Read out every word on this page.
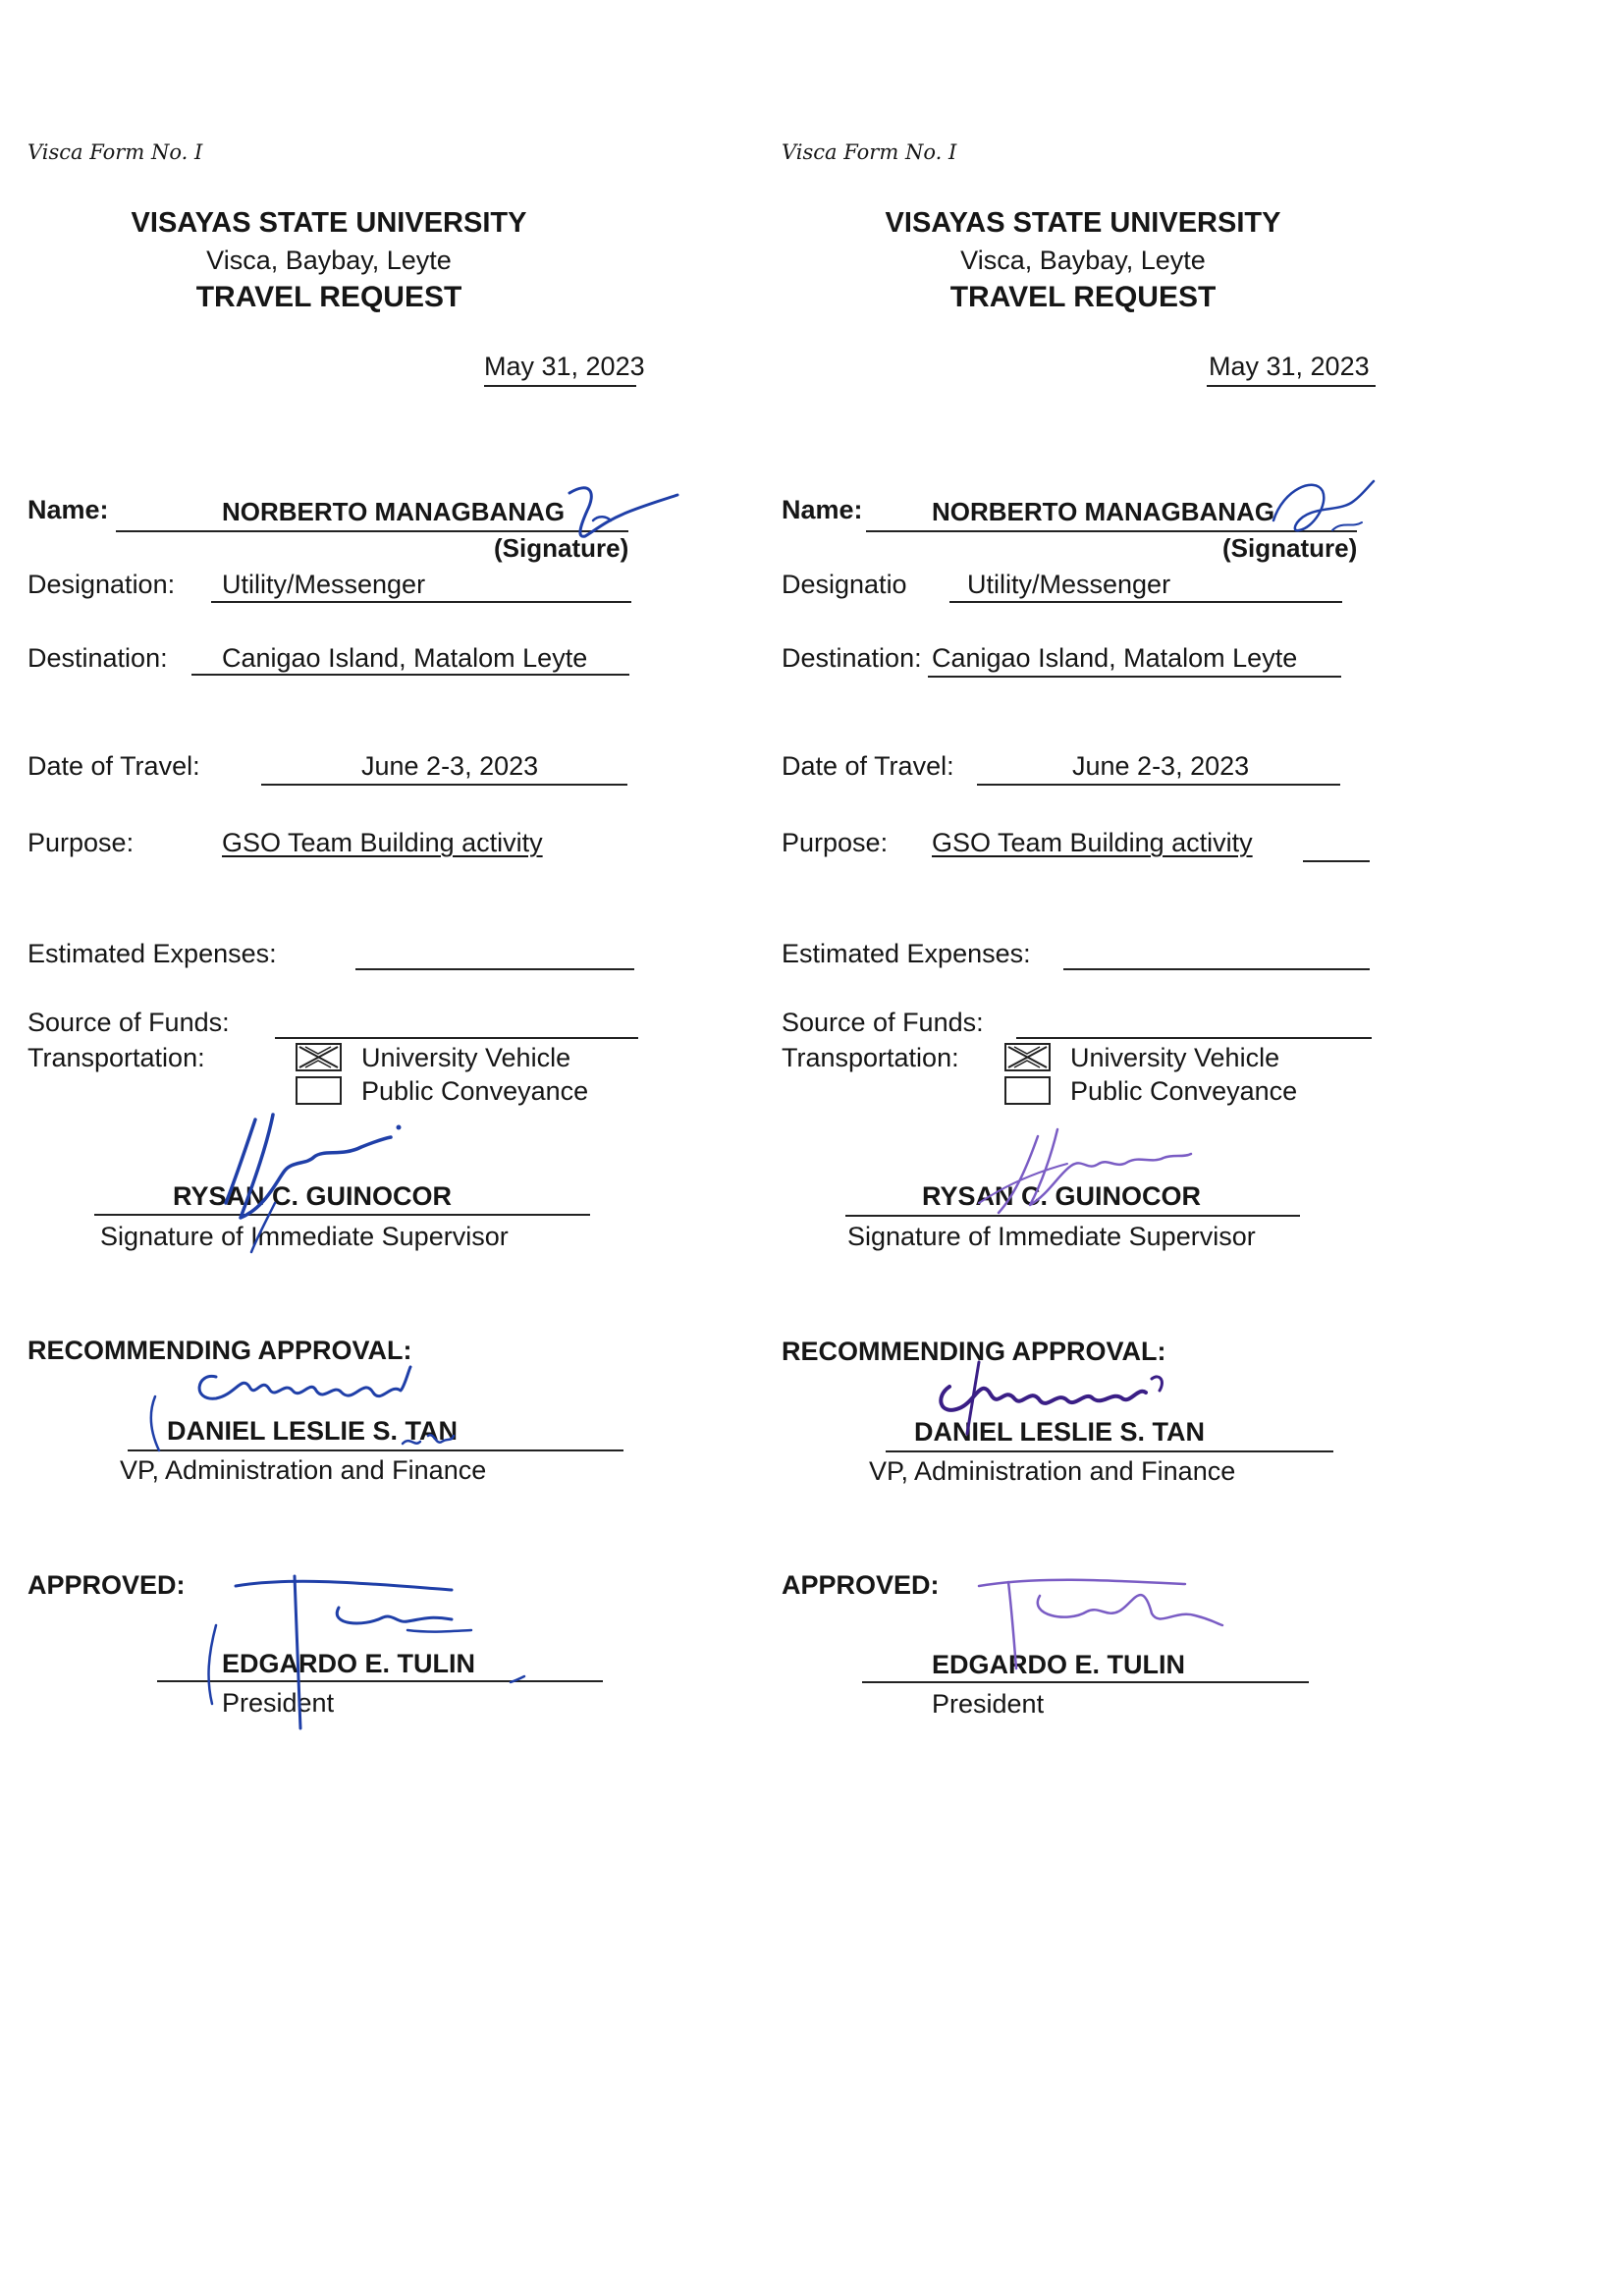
Visca Form No. I
VISAYAS STATE UNIVERSITY
Visca, Baybay, Leyte
TRAVEL REQUEST
May 31, 2023
Name:	NORBERTO MANAGBANAG
(Signature)
Designation: Utility/Messenger
Destination: Canigao Island, Matalom Leyte
Date of Travel:	June 2-3, 2023
Purpose:	GSO Team Building activity
Estimated Expenses:
Source of Funds:
Transportation:	University Vehicle
Public Conveyance
RYSAN C. GUINOCOR
Signature of Immediate Supervisor
RECOMMENDING APPROVAL:
DANIEL LESLIE S. TAN
VP, Administration and Finance
APPROVED:
EDGARDO E. TULIN
President
Visca Form No. I
VISAYAS STATE UNIVERSITY
Visca, Baybay, Leyte
TRAVEL REQUEST
May 31, 2023
Name:	NORBERTO MANAGBANAG
(Signature)
Designatio Utility/Messenger
Destination: Canigao Island, Matalom Leyte
Date of Travel:	June 2-3, 2023
Purpose: GSO Team Building activity
Estimated Expenses:
Source of Funds:
Transportation:	University Vehicle
Public Conveyance
RYSAN C. GUINOCOR
Signature of Immediate Supervisor
RECOMMENDING APPROVAL:
DANIEL LESLIE S. TAN
VP, Administration and Finance
APPROVED:
EDGARDO E. TULIN
President
